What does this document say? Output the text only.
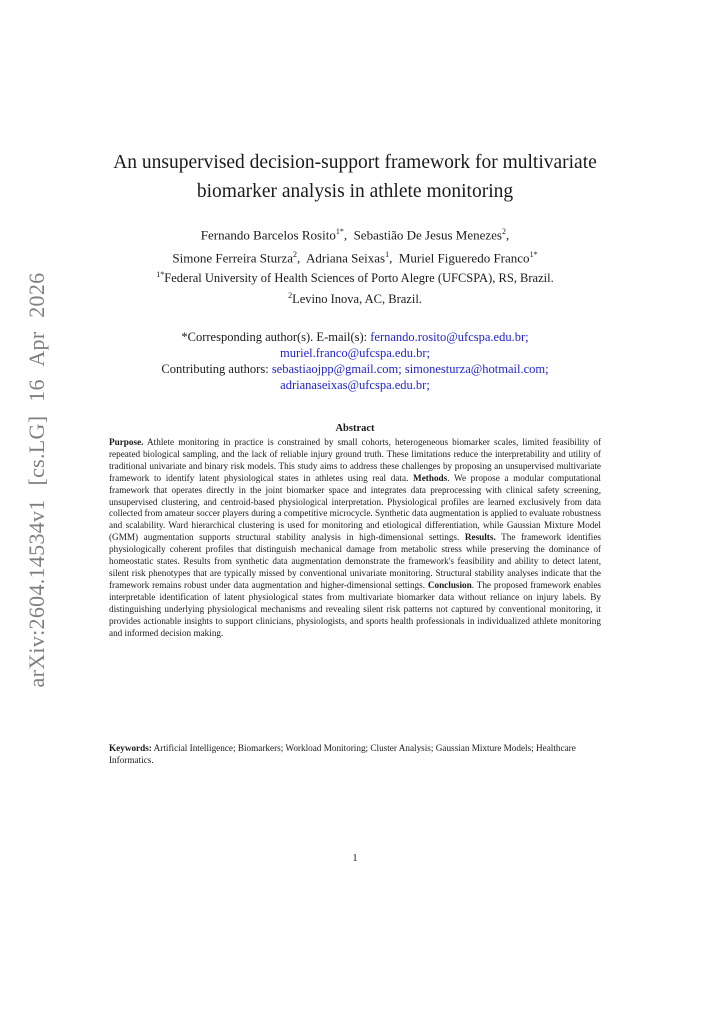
arXiv:2604.14534v1 [cs.LG] 16 Apr 2026
An unsupervised decision-support framework for multivariate
biomarker analysis in athlete monitoring
Fernando Barcelos Rosito$^{1*}$,  Sebastião De Jesus Menezes$^2$,
Simone Ferreira Sturza$^2$,  Adriana Seixas$^1$,  Muriel Figueredo Franco$^{1*}$
$^{1*}$Federal University of Health Sciences of Porto Alegre (UFCSPA), RS, Brazil.
$^2$Levino Inova, AC, Brazil.
*Corresponding author(s). E-mail(s): fernando.rosito@ufcspa.edu.br;
muriel.franco@ufcspa.edu.br;
Contributing authors: sebastiaojpp@gmail.com; simonesturza@hotmail.com;
adrianaseixas@ufcspa.edu.br;
Abstract
Purpose. Athlete monitoring in practice is constrained by small cohorts, heterogeneous biomarker scales, limited feasibility of repeated biological sampling, and the lack of reliable injury ground truth. These limitations reduce the interpretability and utility of traditional univariate and binary risk models. This study aims to address these challenges by proposing an unsupervised multivariate framework to identify latent physiological states in athletes using real data. Methods. We propose a modular computational framework that operates directly in the joint biomarker space and integrates data preprocessing with clinical safety screening, unsupervised clustering, and centroid-based physiological interpretation. Physiological profiles are learned exclusively from data collected from amateur soccer players during a competitive microcycle. Synthetic data augmentation is applied to evaluate robustness and scalability. Ward hierarchical clustering is used for monitoring and etiological differentiation, while Gaussian Mixture Model (GMM) augmentation supports structural stability analysis in high-dimensional settings. Results. The framework identifies physiologically coherent profiles that distinguish mechanical damage from metabolic stress while preserving the dominance of homeostatic states. Results from synthetic data augmentation demonstrate the framework's feasibility and ability to detect latent, silent risk phenotypes that are typically missed by conventional univariate monitoring. Structural stability analyses indicate that the framework remains robust under data augmentation and higher-dimensional settings. Conclusion. The proposed framework enables interpretable identification of latent physiological states from multivariate biomarker data without reliance on injury labels. By distinguishing underlying physiological mechanisms and revealing silent risk patterns not captured by conventional monitoring, it provides actionable insights to support clinicians, physiologists, and sports health professionals in individualized athlete monitoring and informed decision making.
Keywords: Artificial Intelligence; Biomarkers; Workload Monitoring; Cluster Analysis; Gaussian Mixture Models; Healthcare Informatics.
1
